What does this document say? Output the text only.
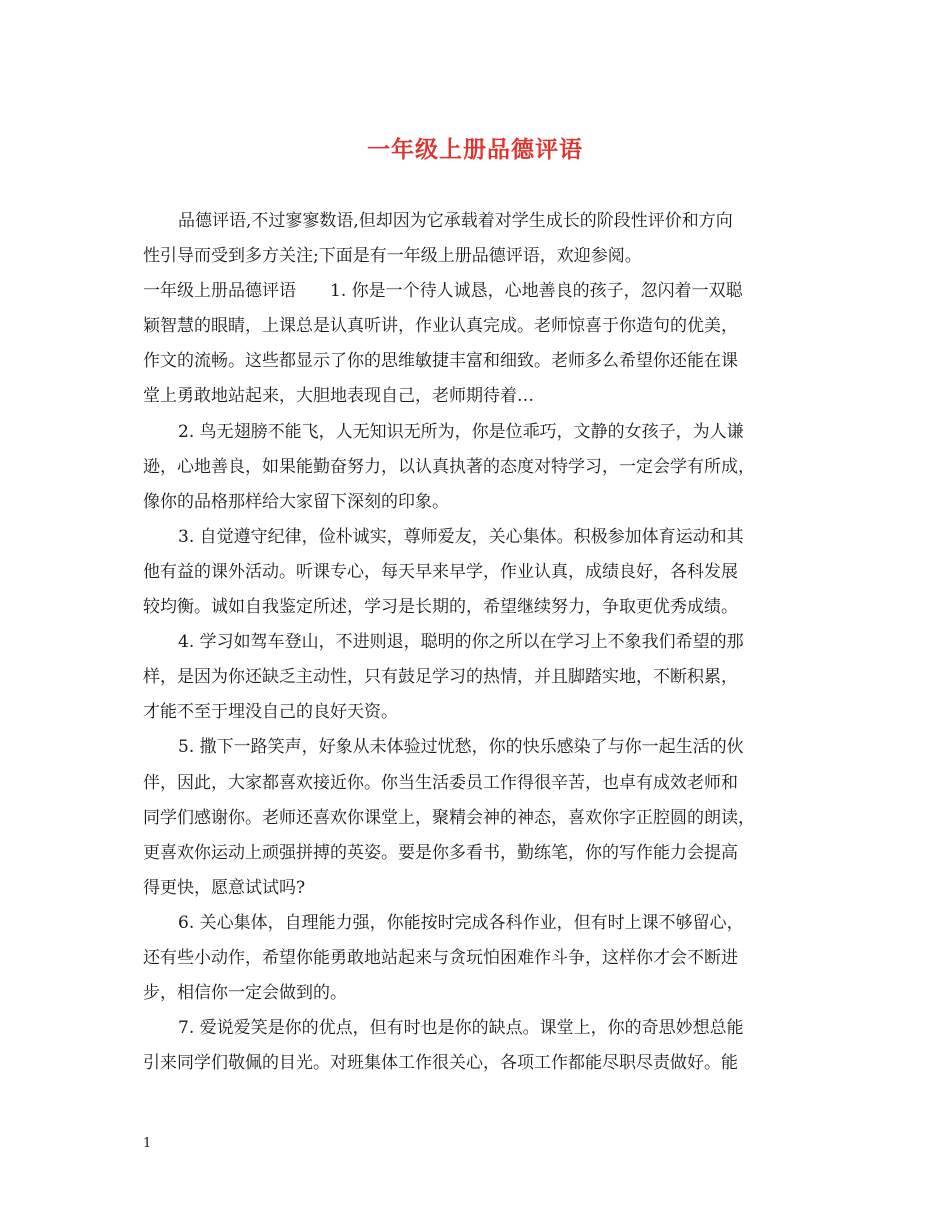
一年级上册品德评语
品德评语,不过寥寥数语,但却因为它承载着对学生成长的阶段性评价和方向
性引导而受到多方关注;下面是有一年级上册品德评语，欢迎参阅。
一年级上册品德评语　　1. 你是一个待人诚恳，心地善良的孩子，忽闪着一双聪
颖智慧的眼睛，上课总是认真听讲，作业认真完成。老师惊喜于你造句的优美，
作文的流畅。这些都显示了你的思维敏捷丰富和细致。老师多么希望你还能在课
堂上勇敢地站起来，大胆地表现自己，老师期待着…
2. 鸟无翅膀不能飞，人无知识无所为，你是位乖巧，文静的女孩子，为人谦
逊，心地善良，如果能勤奋努力，以认真执著的态度对特学习，一定会学有所成，
像你的品格那样给大家留下深刻的印象。
3. 自觉遵守纪律，俭朴诚实，尊师爱友，关心集体。积极参加体育运动和其
他有益的课外活动。听课专心，每天早来早学，作业认真，成绩良好，各科发展
较均衡。诚如自我鉴定所述，学习是长期的，希望继续努力，争取更优秀成绩。
4. 学习如驾车登山，不进则退，聪明的你之所以在学习上不象我们希望的那
样，是因为你还缺乏主动性，只有鼓足学习的热情，并且脚踏实地，不断积累，
才能不至于埋没自己的良好天资。
5. 撒下一路笑声，好象从未体验过忧愁，你的快乐感染了与你一起生活的伙
伴，因此，大家都喜欢接近你。你当生活委员工作得很辛苦，也卓有成效老师和
同学们感谢你。老师还喜欢你课堂上，聚精会神的神态，喜欢你字正腔圆的朗读，
更喜欢你运动上顽强拼搏的英姿。要是你多看书，勤练笔，你的写作能力会提高
得更快，愿意试试吗?
6. 关心集体，自理能力强，你能按时完成各科作业，但有时上课不够留心，
还有些小动作，希望你能勇敢地站起来与贪玩怕困难作斗争，这样你才会不断进
步，相信你一定会做到的。
7. 爱说爱笑是你的优点，但有时也是你的缺点。课堂上，你的奇思妙想总能
引来同学们敬佩的目光。对班集体工作很关心，各项工作都能尽职尽责做好。能
1
